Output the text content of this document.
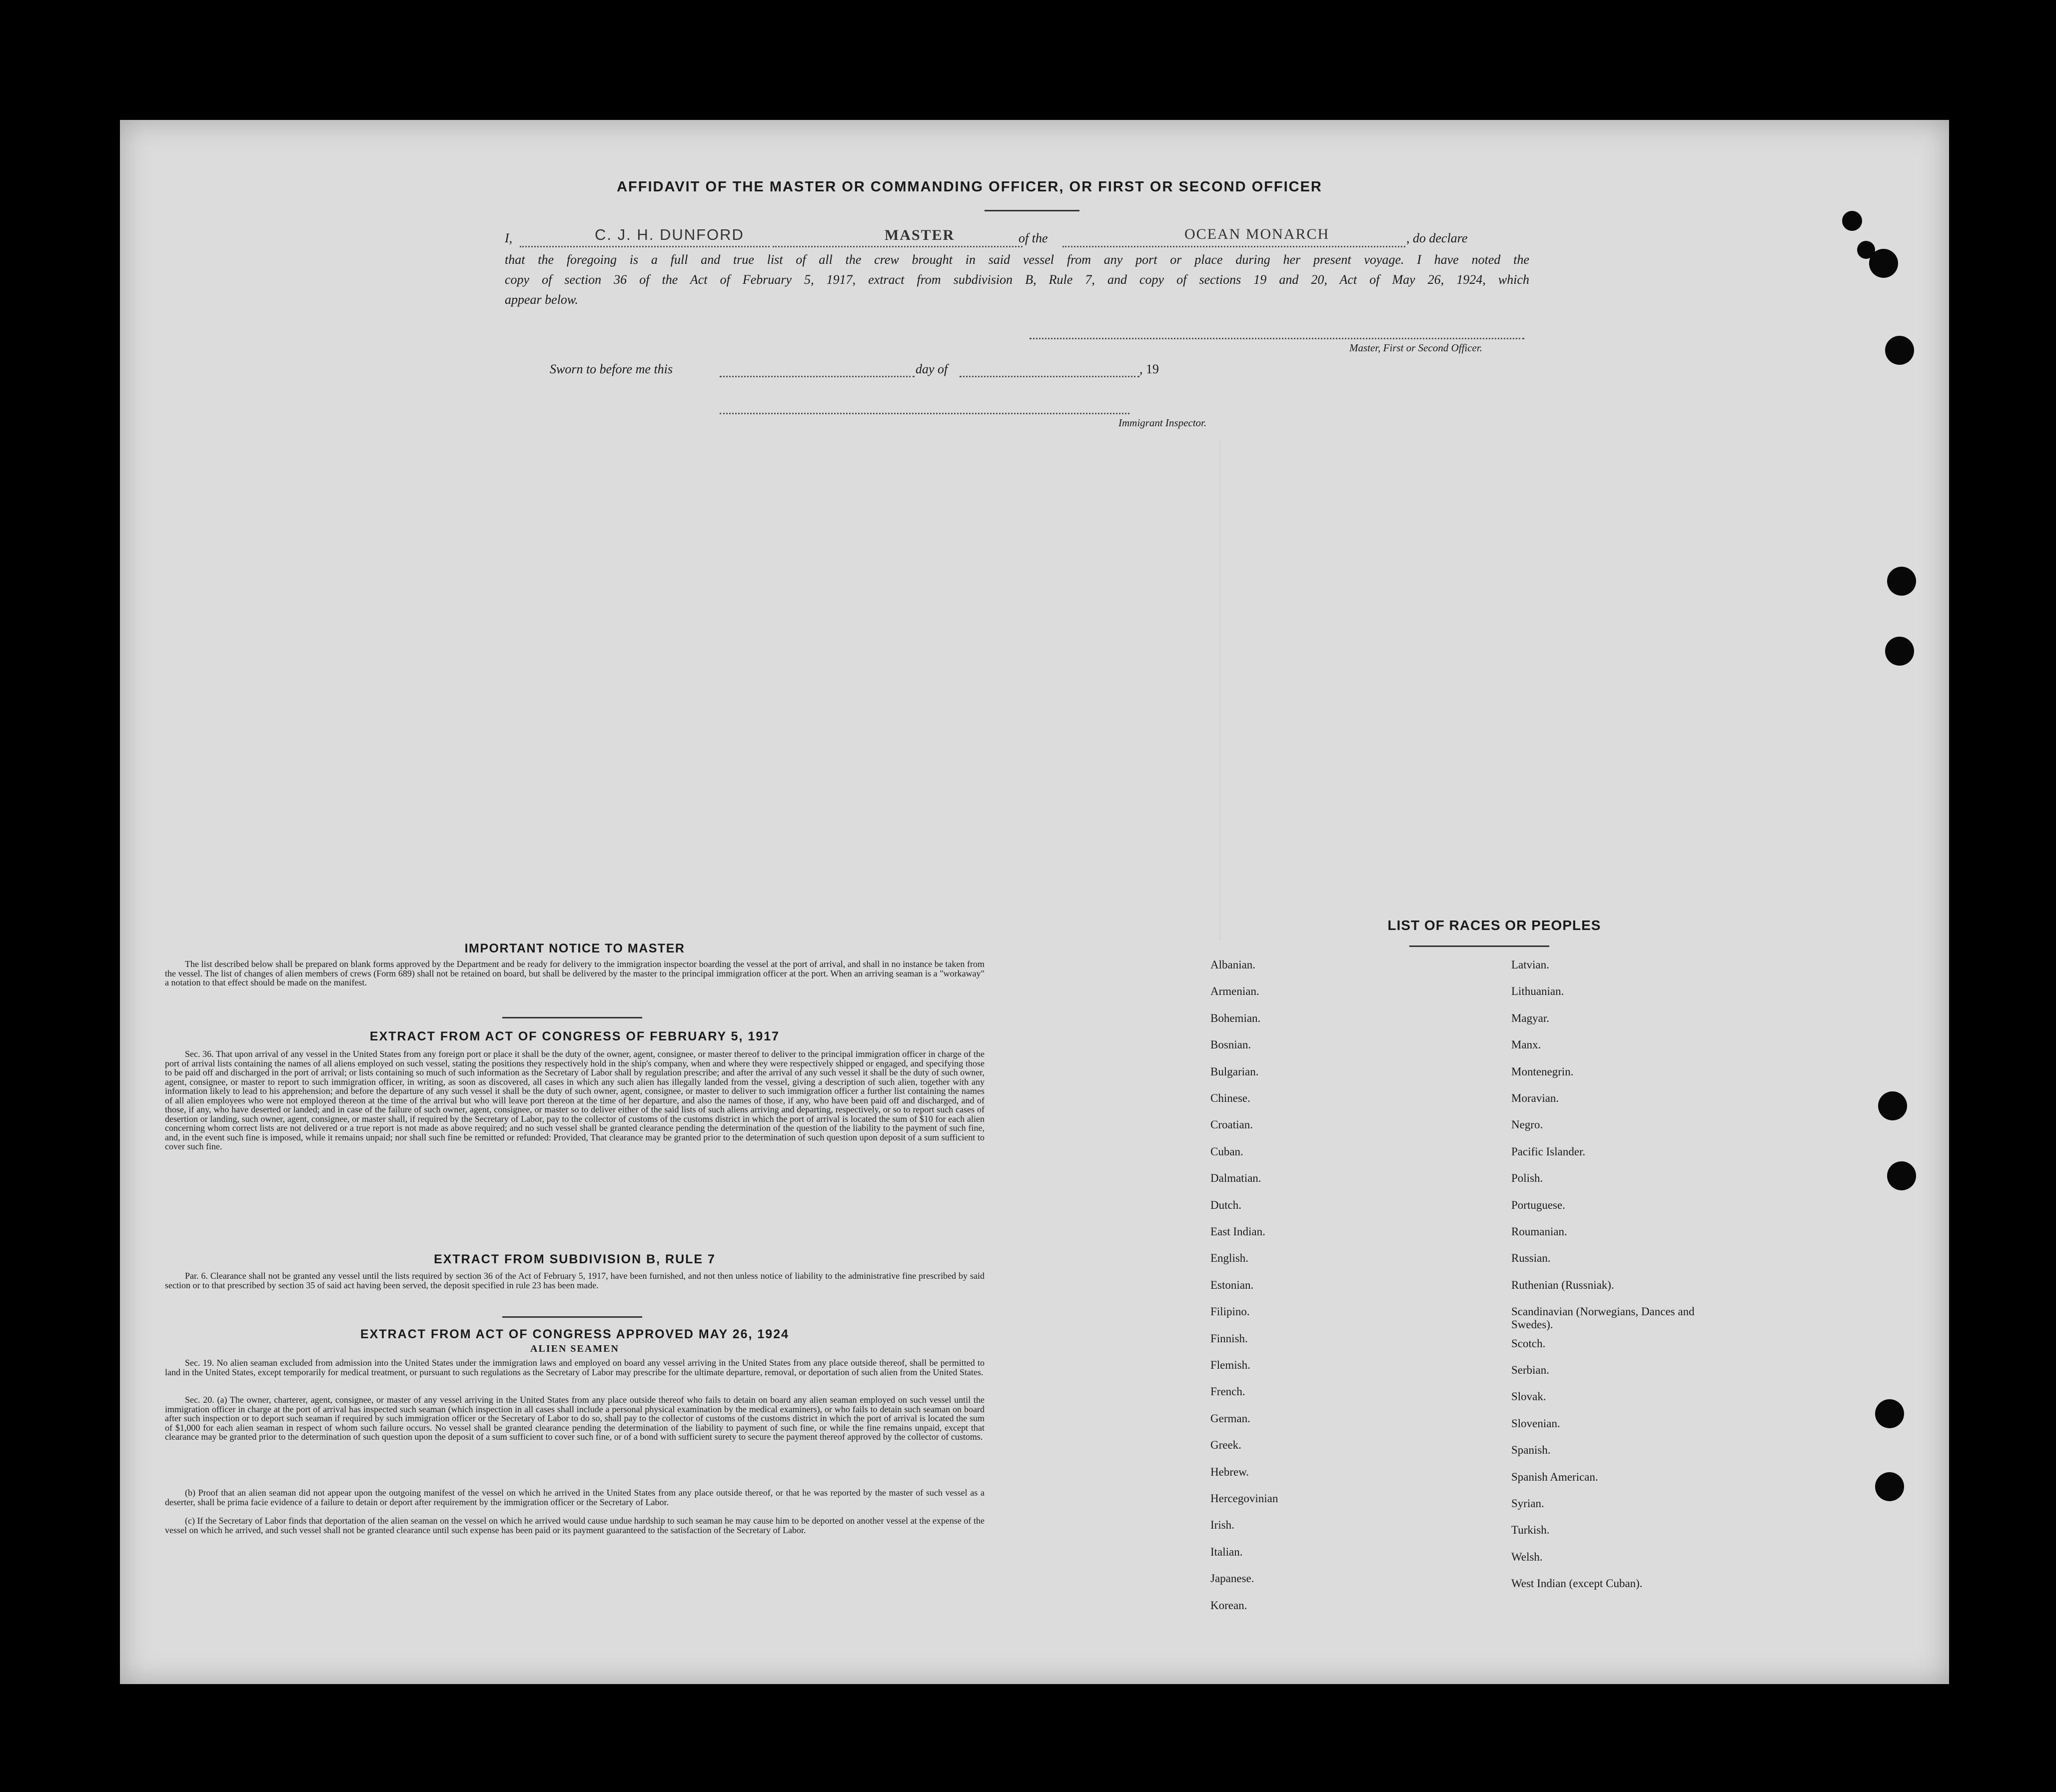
AFFIDAVIT OF THE MASTER OR COMMANDING OFFICER, OR FIRST OR SECOND OFFICER
I,	C. J. H. DUNFORD	MASTER	of the	OCEAN MONARCH	, do declare
that the foregoing is a full and true list of all the crew brought in said vessel from any port or place during her present voyage. I have noted the
copy of section 36 of the Act of February 5, 1917, extract from subdivision B, Rule 7, and copy of sections 19 and 20, Act of May 26, 1924, which
appear below.
Master, First or Second Officer.
Sworn to before me this	day of	, 19
Immigrant Inspector.
IMPORTANT NOTICE TO MASTER
The list described below shall be prepared on blank forms approved by the Department and be ready for delivery to the immigration inspector boarding the vessel at the port of arrival, and shall in no instance be taken from the vessel. The list of changes of alien members of crews (Form 689) shall not be retained on board, but shall be delivered by the master to the principal immigration officer at the port. When an arriving seaman is a "workaway" a notation to that effect should be made on the manifest.
EXTRACT FROM ACT OF CONGRESS OF FEBRUARY 5, 1917
Sec. 36. That upon arrival of any vessel in the United States from any foreign port or place it shall be the duty of the owner, agent, consignee, or master thereof to deliver to the principal immigration officer in charge of the port of arrival lists containing the names of all aliens employed on such vessel, stating the positions they respectively hold in the ship's company, when and where they were respectively shipped or engaged, and specifying those to be paid off and discharged in the port of arrival; or lists containing so much of such information as the Secretary of Labor shall by regulation prescribe; and after the arrival of any such vessel it shall be the duty of such owner, agent, consignee, or master to report to such immigration officer, in writing, as soon as discovered, all cases in which any such alien has illegally landed from the vessel, giving a description of such alien, together with any information likely to lead to his apprehension; and before the departure of any such vessel it shall be the duty of such owner, agent, consignee, or master to deliver to such immigration officer a further list containing the names of all alien employees who were not employed thereon at the time of the arrival but who will leave port thereon at the time of her departure, and also the names of those, if any, who have been paid off and discharged, and of those, if any, who have deserted or landed; and in case of the failure of such owner, agent, consignee, or master so to deliver either of the said lists of such aliens arriving and departing, respectively, or so to report such cases of desertion or landing, such owner, agent, consignee, or master shall, if required by the Secretary of Labor, pay to the collector of customs of the customs district in which the port of arrival is located the sum of $10 for each alien concerning whom correct lists are not delivered or a true report is not made as above required; and no such vessel shall be granted clearance pending the determination of the question of the liability to the payment of such fine, and, in the event such fine is imposed, while it remains unpaid; nor shall such fine be remitted or refunded: Provided, That clearance may be granted prior to the determination of such question upon deposit of a sum sufficient to cover such fine.
EXTRACT FROM SUBDIVISION B, RULE 7
Par. 6. Clearance shall not be granted any vessel until the lists required by section 36 of the Act of February 5, 1917, have been furnished, and not then unless notice of liability to the administrative fine prescribed by said section or to that prescribed by section 35 of said act having been served, the deposit specified in rule 23 has been made.
EXTRACT FROM ACT OF CONGRESS APPROVED MAY 26, 1924
ALIEN SEAMEN
Sec. 19. No alien seaman excluded from admission into the United States under the immigration laws and employed on board any vessel arriving in the United States from any place outside thereof, shall be permitted to land in the United States, except temporarily for medical treatment, or pursuant to such regulations as the Secretary of Labor may prescribe for the ultimate departure, removal, or deportation of such alien from the United States.
Sec. 20. (a) The owner, charterer, agent, consignee, or master of any vessel arriving in the United States from any place outside thereof who fails to detain on board any alien seaman employed on such vessel until the immigration officer in charge at the port of arrival has inspected such seaman (which inspection in all cases shall include a personal physical examination by the medical examiners), or who fails to detain such seaman on board after such inspection or to deport such seaman if required by such immigration officer or the Secretary of Labor to do so, shall pay to the collector of customs of the customs district in which the port of arrival is located the sum of $1,000 for each alien seaman in respect of whom such failure occurs. No vessel shall be granted clearance pending the determination of the liability to payment of such fine, or while the fine remains unpaid, except that clearance may be granted prior to the determination of such question upon the deposit of a sum sufficient to cover such fine, or of a bond with sufficient surety to secure the payment thereof approved by the collector of customs.
(b) Proof that an alien seaman did not appear upon the outgoing manifest of the vessel on which he arrived in the United States from any place outside thereof, or that he was reported by the master of such vessel as a deserter, shall be prima facie evidence of a failure to detain or deport after requirement by the immigration officer or the Secretary of Labor.
(c) If the Secretary of Labor finds that deportation of the alien seaman on the vessel on which he arrived would cause undue hardship to such seaman he may cause him to be deported on another vessel at the expense of the vessel on which he arrived, and such vessel shall not be granted clearance until such expense has been paid or its payment guaranteed to the satisfaction of the Secretary of Labor.
LIST OF RACES OR PEOPLES
Albanian.
Armenian.
Bohemian.
Bosnian.
Bulgarian.
Chinese.
Croatian.
Cuban.
Dalmatian.
Dutch.
East Indian.
English.
Estonian.
Filipino.
Finnish.
Flemish.
French.
German.
Greek.
Hebrew.
Hercegovinian
Irish.
Italian.
Japanese.
Korean.
Latvian.
Lithuanian.
Magyar.
Manx.
Montenegrin.
Moravian.
Negro.
Pacific Islander.
Polish.
Portuguese.
Roumanian.
Russian.
Ruthenian (Russniak).
Scandinavian (Norwegians, Dances and Swedes).
Scotch.
Serbian.
Slovak.
Slovenian.
Spanish.
Spanish American.
Syrian.
Turkish.
Welsh.
West Indian (except Cuban).
